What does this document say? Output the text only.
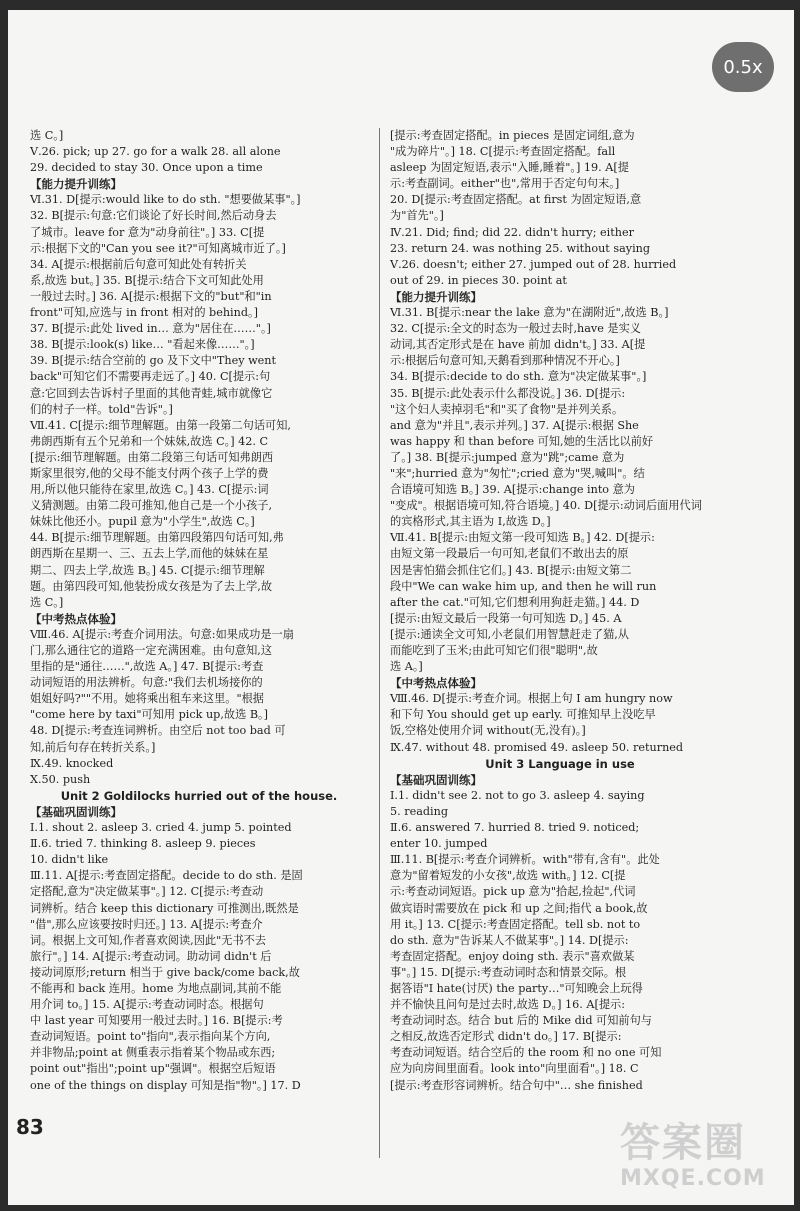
选 C。]

Ⅴ.26. pick; up 27. go for a walk 28. all alone

29. decided to stay 30. Once upon a time

【能力提升训练】

Ⅵ.31. D[提示:would like to do sth. "想要做某事"。]

32. B[提示:句意:它们谈论了好长时间,然后动身去

了城市。leave for 意为"动身前往"。] 33. C[提

示:根据下文的"Can you see it?"可知离城市近了。]

34. A[提示:根据前后句意可知此处有转折关

系,故选 but。] 35. B[提示:结合下文可知此处用

一般过去时。] 36. A[提示:根据下文的"but"和"in

front"可知,应选与 in front 相对的 behind。]

37. B[提示:此处 lived in… 意为"居住在……"。]

38. B[提示:look(s) like… "看起来像……"。]

39. B[提示:结合空前的 go 及下文中"They went

back"可知它们不需要再走远了。] 40. C[提示:句

意:它回到去告诉村子里面的其他青蛙,城市就像它

们的村子一样。told"告诉"。]

Ⅶ.41. C[提示:细节理解题。由第一段第二句话可知,

弗朗西斯有五个兄弟和一个妹妹,故选 C。] 42. C

[提示:细节理解题。由第二段第三句话可知弗朗西

斯家里很穷,他的父母不能支付两个孩子上学的费

用,所以他只能待在家里,故选 C。] 43. C[提示:词

义猜测题。由第二段可推知,他自己是一个小孩子,

妹妹比他还小。pupil 意为"小学生",故选 C。]

44. B[提示:细节理解题。由第四段第四句话可知,弗

朗西斯在星期一、三、五去上学,而他的妹妹在星

期二、四去上学,故选 B。] 45. C[提示:细节理解

题。由第四段可知,他装扮成女孩是为了去上学,故

选 C。]

【中考热点体验】

Ⅷ.46. A[提示:考查介词用法。句意:如果成功是一扇

门,那么通往它的道路一定充满困难。由句意知,这

里指的是"通往……",故选 A。] 47. B[提示:考查

动词短语的用法辨析。句意:"我们去机场接你的

姐姐好吗?""不用。她将乘出租车来这里。"根据

"come here by taxi"可知用 pick up,故选 B。]

48. D[提示:考查连词辨析。由空后 not too bad 可

知,前后句存在转折关系。]

Ⅸ.49. knocked

Ⅹ.50. push

Unit 2 Goldilocks hurried out of the house.

【基础巩固训练】

Ⅰ.1. shout 2. asleep 3. cried 4. jump 5. pointed

Ⅱ.6. tried 7. thinking 8. asleep 9. pieces

10. didn't like

Ⅲ.11. A[提示:考查固定搭配。decide to do sth. 是固

定搭配,意为"决定做某事"。] 12. C[提示:考查动

词辨析。结合 keep this dictionary 可推测出,既然是

"借",那么应该要按时归还。] 13. A[提示:考查介

词。根据上文可知,作者喜欢阅读,因此"无书不去

旅行"。] 14. A[提示:考查动词。助动词 didn't 后

接动词原形;return 相当于 give back/come back,故

不能再和 back 连用。home 为地点副词,其前不能

用介词 to。] 15. A[提示:考查动词时态。根据句

中 last year 可知要用一般过去时。] 16. B[提示:考

查动词短语。point to"指向",表示指向某个方向,

并非物品;point at 侧重表示指着某个物品或东西;

point out"指出";point up"强调"。根据空后短语

one of the things on display 可知是指"物"。] 17. D

[提示:考查固定搭配。in pieces 是固定词组,意为

"成为碎片"。] 18. C[提示:考查固定搭配。fall

asleep 为固定短语,表示"入睡,睡着"。] 19. A[提

示:考查副词。either"也",常用于否定句句末。]

20. D[提示:考查固定搭配。at first 为固定短语,意

为"首先"。]

Ⅳ.21. Did; find; did 22. didn't hurry; either

23. return 24. was nothing 25. without saying

Ⅴ.26. doesn't; either 27. jumped out of 28. hurried

out of 29. in pieces 30. point at

【能力提升训练】

Ⅵ.31. B[提示:near the lake 意为"在湖附近",故选 B。]

32. C[提示:全文的时态为一般过去时,have 是实义

动词,其否定形式是在 have 前加 didn't。] 33. A[提

示:根据后句意可知,天鹅看到那种情况不开心。]

34. B[提示:decide to do sth. 意为"决定做某事"。]

35. B[提示:此处表示什么都没说。] 36. D[提示:

"这个妇人卖掉羽毛"和"买了食物"是并列关系。

and 意为"并且",表示并列。] 37. A[提示:根据 She

was happy 和 than before 可知,她的生活比以前好

了。] 38. B[提示:jumped 意为"跳";came 意为

"来";hurried 意为"匆忙";cried 意为"哭,喊叫"。结

合语境可知选 B。] 39. A[提示:change into 意为

"变成"。根据语境可知,符合语境。] 40. D[提示:动词后面用代词

的宾格形式,其主语为 I,故选 D。]

Ⅶ.41. B[提示:由短文第一段可知选 B。] 42. D[提示:

由短文第一段最后一句可知,老鼠们不敢出去的原

因是害怕猫会抓住它们。] 43. B[提示:由短文第二

段中"We can wake him up, and then he will run

after the cat."可知,它们想利用狗赶走猫。] 44. D

[提示:由短文最后一段第一句可知选 D。] 45. A

[提示:通读全文可知,小老鼠们用智慧赶走了猫,从

而能吃到了玉米;由此可知它们很"聪明",故

选 A。]

【中考热点体验】

Ⅷ.46. D[提示:考查介词。根据上句 I am hungry now

和下句 You should get up early. 可推知早上没吃早

饭,空格处使用介词 without(无,没有)。]

Ⅸ.47. without 48. promised 49. asleep 50. returned

Unit 3 Language in use

【基础巩固训练】

Ⅰ.1. didn't see 2. not to go 3. asleep 4. saying

5. reading

Ⅱ.6. answered 7. hurried 8. tried 9. noticed;

enter 10. jumped

Ⅲ.11. B[提示:考查介词辨析。with"带有,含有"。此处

意为"留着短发的小女孩",故选 with。] 12. C[提

示:考查动词短语。pick up 意为"拾起,捡起",代词

做宾语时需要放在 pick 和 up 之间;指代 a book,故

用 it。] 13. C[提示:考查固定搭配。tell sb. not to

do sth. 意为"告诉某人不做某事"。] 14. D[提示:

考查固定搭配。enjoy doing sth. 表示"喜欢做某

事"。] 15. D[提示:考查动词时态和情景交际。根

据答语"I hate(讨厌) the party…"可知晚会上玩得

并不愉快且问句是过去时,故选 D。] 16. A[提示:

考查动词时态。结合 but 后的 Mike did 可知前句与

之相反,故选否定形式 didn't do。] 17. B[提示:

考查动词短语。结合空后的 the room 和 no one 可知

应为向房间里面看。look into"向里面看"。] 18. C

[提示:考查形容词辨析。结合句中"… she finished

83	答案圈
MXQE.COM
0.5x
